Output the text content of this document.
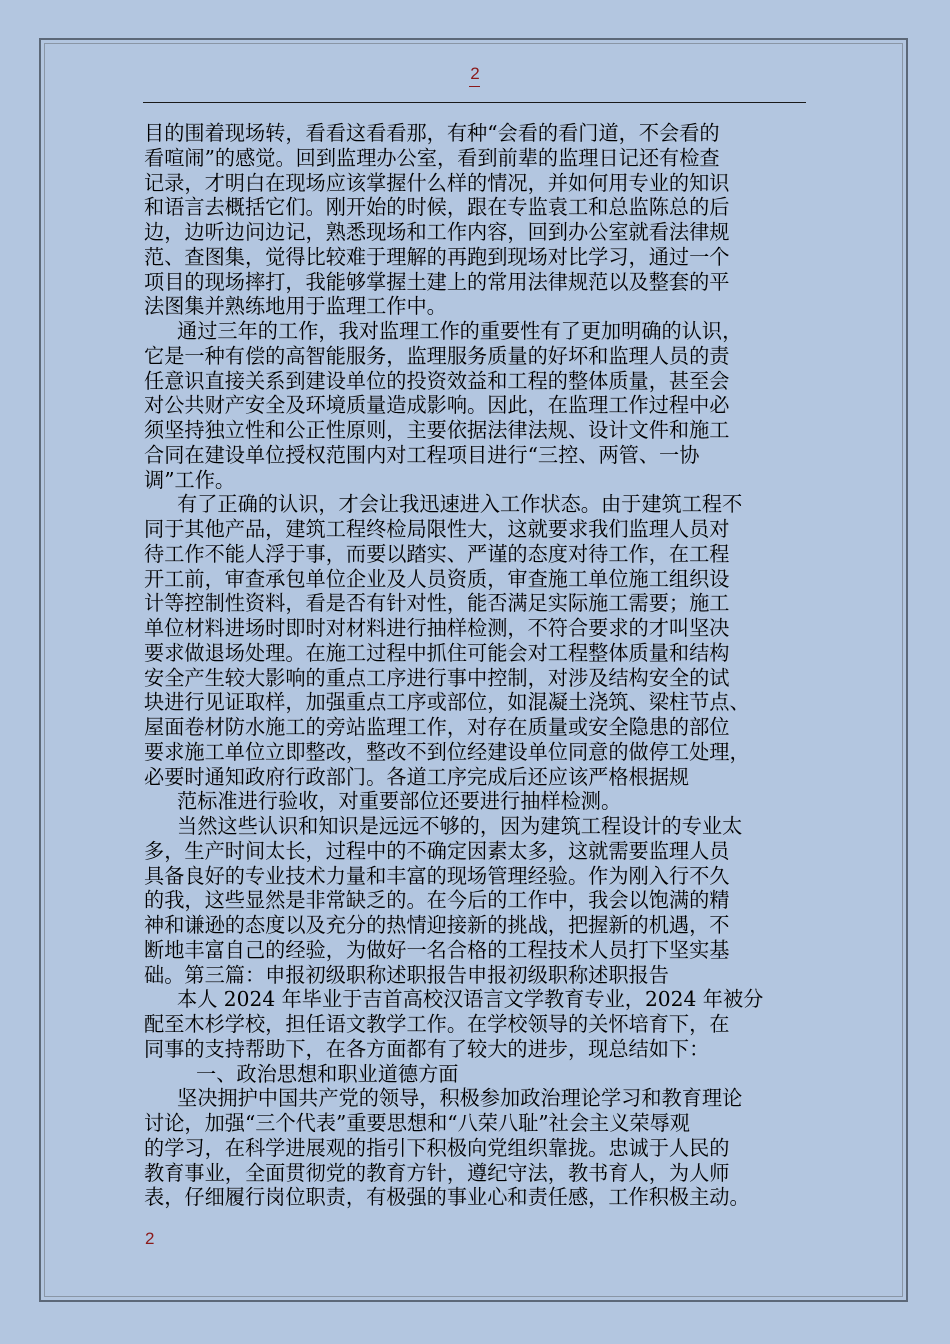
2
目的围着现场转，看看这看看那，有种“会看的看门道，不会看的
看喧闹”的感觉。回到监理办公室，看到前辈的监理日记还有检查
记录，才明白在现场应该掌握什么样的情况，并如何用专业的知识
和语言去概括它们。刚开始的时候，跟在专监袁工和总监陈总的后
边，边听边问边记，熟悉现场和工作内容，回到办公室就看法律规
范、查图集，觉得比较难于理解的再跑到现场对比学习，通过一个
项目的现场摔打，我能够掌握土建上的常用法律规范以及整套的平
法图集并熟练地用于监理工作中。
通过三年的工作，我对监理工作的重要性有了更加明确的认识，
它是一种有偿的高智能服务，监理服务质量的好坏和监理人员的责
任意识直接关系到建设单位的投资效益和工程的整体质量，甚至会
对公共财产安全及环境质量造成影响。因此，在监理工作过程中必
须坚持独立性和公正性原则，主要依据法律法规、设计文件和施工
合同在建设单位授权范围内对工程项目进行“三控、两管、一协
调”工作。
有了正确的认识，才会让我迅速进入工作状态。由于建筑工程不
同于其他产品，建筑工程终检局限性大，这就要求我们监理人员对
待工作不能人浮于事，而要以踏实、严谨的态度对待工作，在工程
开工前，审查承包单位企业及人员资质，审查施工单位施工组织设
计等控制性资料，看是否有针对性，能否满足实际施工需要；施工
单位材料进场时即时对材料进行抽样检测，不符合要求的才叫坚决
要求做退场处理。在施工过程中抓住可能会对工程整体质量和结构
安全产生较大影响的重点工序进行事中控制，对涉及结构安全的试
块进行见证取样，加强重点工序或部位，如混凝土浇筑、梁柱节点、
屋面卷材防水施工的旁站监理工作，对存在质量或安全隐患的部位
要求施工单位立即整改，整改不到位经建设单位同意的做停工处理，
必要时通知政府行政部门。各道工序完成后还应该严格根据规
范标准进行验收，对重要部位还要进行抽样检测。
当然这些认识和知识是远远不够的，因为建筑工程设计的专业太
多，生产时间太长，过程中的不确定因素太多，这就需要监理人员
具备良好的专业技术力量和丰富的现场管理经验。作为刚入行不久
的我，这些显然是非常缺乏的。在今后的工作中，我会以饱满的精
神和谦逊的态度以及充分的热情迎接新的挑战，把握新的机遇，不
断地丰富自己的经验，为做好一名合格的工程技术人员打下坚实基
础。第三篇：申报初级职称述职报告申报初级职称述职报告
本人 2024 年毕业于吉首高校汉语言文学教育专业，2024 年被分
配至木杉学校，担任语文教学工作。在学校领导的关怀培育下，在
同事的支持帮助下，在各方面都有了较大的进步，现总结如下：
一、政治思想和职业道德方面
坚决拥护中国共产党的领导，积极参加政治理论学习和教育理论
讨论，加强“三个代表”重要思想和“八荣八耻”社会主义荣辱观
的学习，在科学进展观的指引下积极向党组织靠拢。忠诚于人民的
教育事业，全面贯彻党的教育方针，遵纪守法，教书育人，为人师
表，仔细履行岗位职责，有极强的事业心和责任感，工作积极主动。
2
